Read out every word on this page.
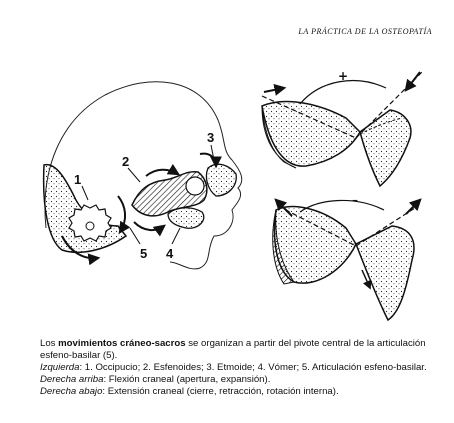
LA PRÁCTICA DE LA OSTEOPATÍA
1
2
3
4
5
+
–

Los movimientos cráneo-sacros se organizan a partir del pivote central de la articulación esfeno-basilar (5).

Izquierda: 1. Occipucio; 2. Esfenoides; 3. Etmoide; 4. Vómer; 5. Articulación esfeno-basilar.

Derecha arriba: Flexión craneal (apertura, expansión).

Derecha abajo: Extensión craneal (cierre, retracción, rotación interna).
